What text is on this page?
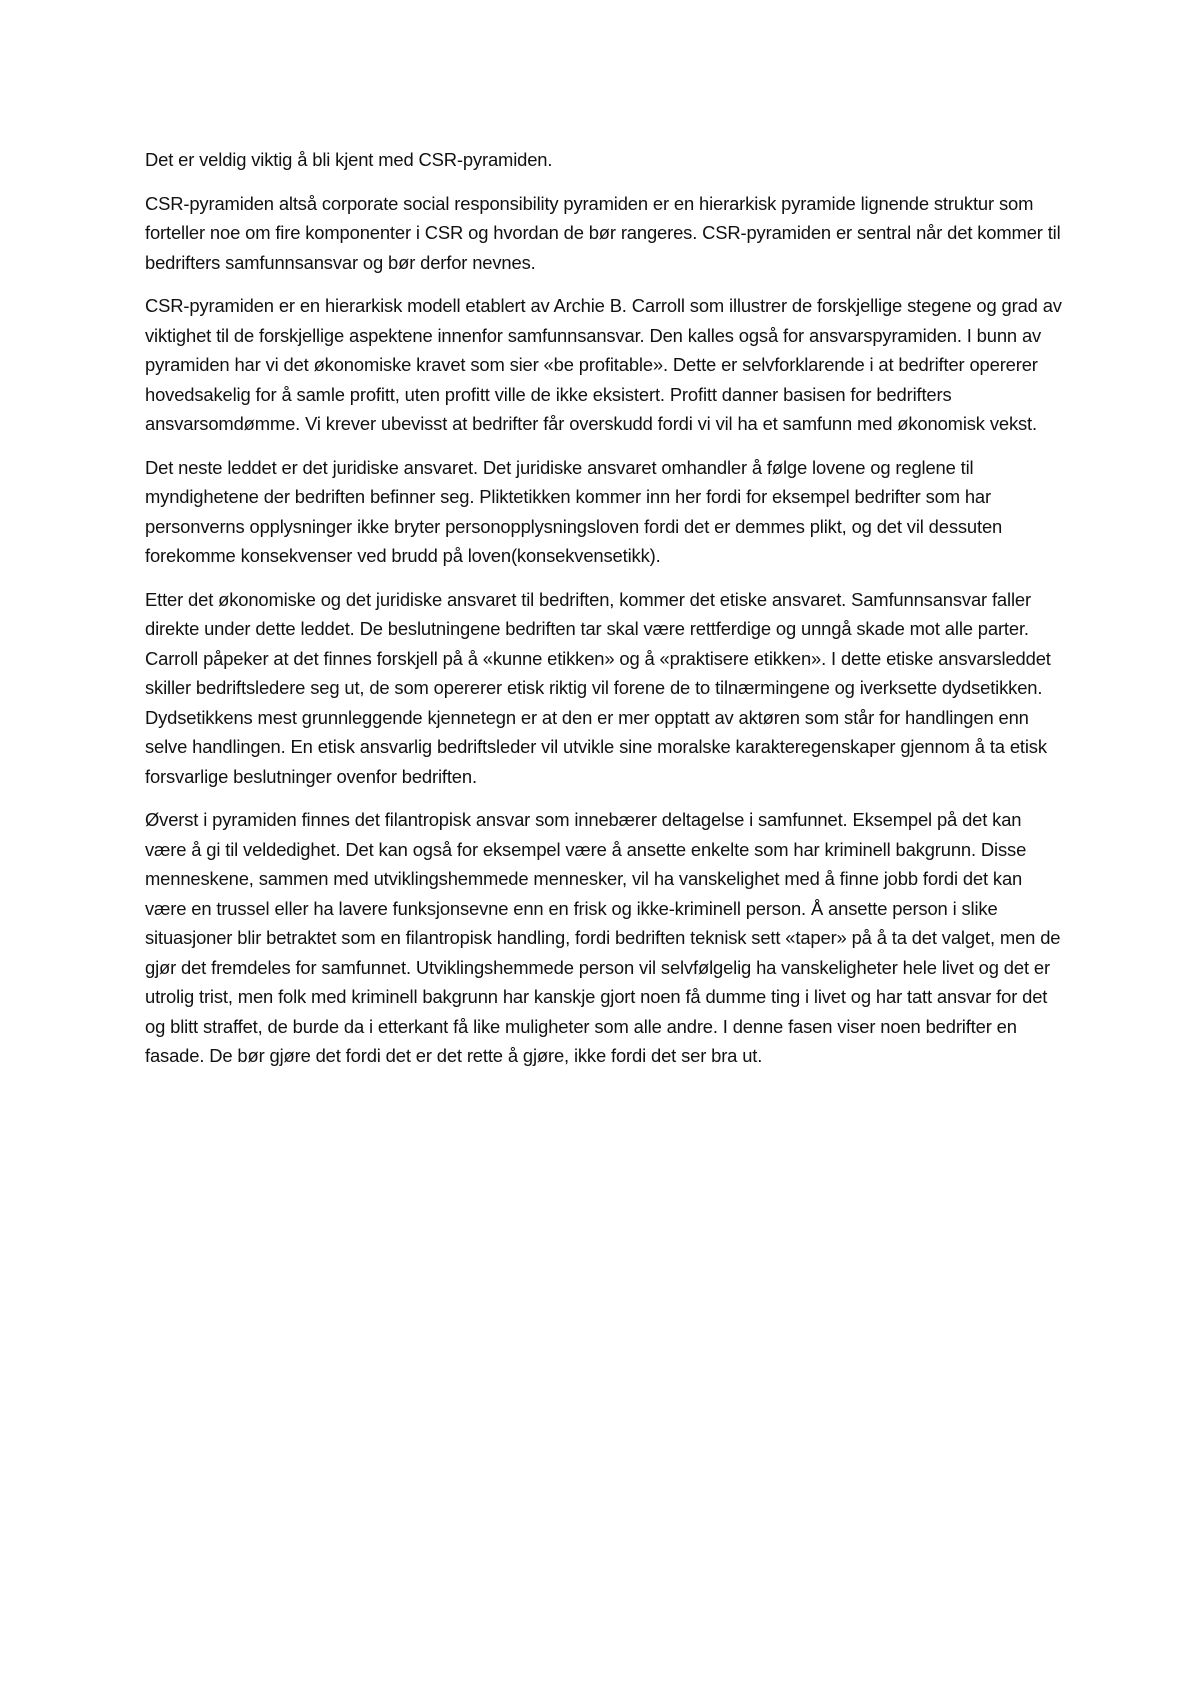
Det er veldig viktig å bli kjent med CSR-pyramiden.

CSR-pyramiden altså corporate social responsibility pyramiden er en hierarkisk pyramide lignende struktur som forteller noe om fire komponenter i CSR og hvordan de bør rangeres. CSR-pyramiden er sentral når det kommer til bedrifters samfunnsansvar og bør derfor nevnes.

CSR-pyramiden er en hierarkisk modell etablert av Archie B. Carroll som illustrer de forskjellige stegene og grad av viktighet til de forskjellige aspektene innenfor samfunnsansvar. Den kalles også for ansvarspyramiden. I bunn av pyramiden har vi det økonomiske kravet som sier «be profitable». Dette er selvforklarende i at bedrifter opererer hovedsakelig for å samle profitt, uten profitt ville de ikke eksistert. Profitt danner basisen for bedrifters ansvarsomdømme. Vi krever ubevisst at bedrifter får overskudd fordi vi vil ha et samfunn med økonomisk vekst.

Det neste leddet er det juridiske ansvaret. Det juridiske ansvaret omhandler å følge lovene og reglene til myndighetene der bedriften befinner seg. Pliktetikken kommer inn her fordi for eksempel bedrifter som har personverns opplysninger ikke bryter personopplysningsloven fordi det er demmes plikt, og det vil dessuten forekomme konsekvenser ved brudd på loven(konsekvensetikk).

Etter det økonomiske og det juridiske ansvaret til bedriften, kommer det etiske ansvaret. Samfunnsansvar faller direkte under dette leddet. De beslutningene bedriften tar skal være rettferdige og unngå skade mot alle parter. Carroll påpeker at det finnes forskjell på å «kunne etikken» og å «praktisere etikken». I dette etiske ansvarsleddet skiller bedriftsledere seg ut, de som opererer etisk riktig vil forene de to tilnærmingene og iverksette dydsetikken. Dydsetikkens mest grunnleggende kjennetegn er at den er mer opptatt av aktøren som står for handlingen enn selve handlingen. En etisk ansvarlig bedriftsleder vil utvikle sine moralske karakteregenskaper gjennom å ta etisk forsvarlige beslutninger ovenfor bedriften.

Øverst i pyramiden finnes det filantropisk ansvar som innebærer deltagelse i samfunnet. Eksempel på det kan være å gi til veldedighet. Det kan også for eksempel være å ansette enkelte som har kriminell bakgrunn. Disse menneskene, sammen med utviklingshemmede mennesker, vil ha vanskelighet med å finne jobb fordi det kan være en trussel eller ha lavere funksjonsevne enn en frisk og ikke-kriminell person. Å ansette person i slike situasjoner blir betraktet som en filantropisk handling, fordi bedriften teknisk sett «taper» på å ta det valget, men de gjør det fremdeles for samfunnet. Utviklingshemmede person vil selvfølgelig ha vanskeligheter hele livet og det er utrolig trist, men folk med kriminell bakgrunn har kanskje gjort noen få dumme ting i livet og har tatt ansvar for det og blitt straffet, de burde da i etterkant få like muligheter som alle andre. I denne fasen viser noen bedrifter en fasade. De bør gjøre det fordi det er det rette å gjøre, ikke fordi det ser bra ut.
